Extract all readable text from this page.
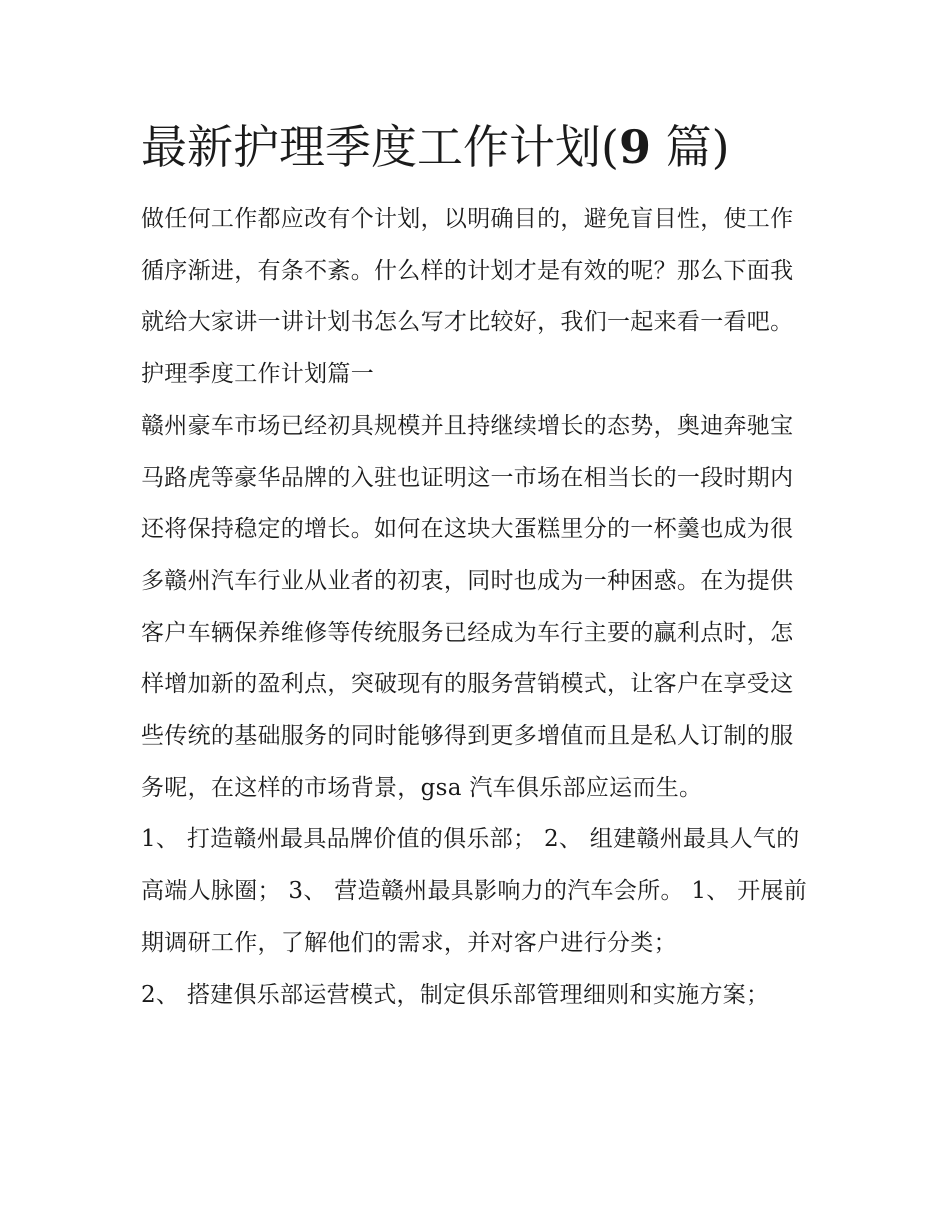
最新护理季度工作计划(9 篇)

做任何工作都应改有个计划，以明确目的，避免盲目性，使工作循序渐进，有条不紊。什么样的计划才是有效的呢？那么下面我就给大家讲一讲计划书怎么写才比较好，我们一起来看一看吧。

护理季度工作计划篇一

赣州豪车市场已经初具规模并且持继续增长的态势，奥迪奔驰宝马路虎等豪华品牌的入驻也证明这一市场在相当长的一段时期内还将保持稳定的增长。如何在这块大蛋糕里分的一杯羹也成为很多赣州汽车行业从业者的初衷，同时也成为一种困惑。在为提供客户车辆保养维修等传统服务已经成为车行主要的赢利点时，怎样增加新的盈利点，突破现有的服务营销模式，让客户在享受这些传统的基础服务的同时能够得到更多增值而且是私人订制的服务呢，在这样的市场背景，gsa 汽车俱乐部应运而生。

1、 打造赣州最具品牌价值的俱乐部； 2、 组建赣州最具人气的高端人脉圈； 3、 营造赣州最具影响力的汽车会所。 1、 开展前期调研工作，了解他们的需求，并对客户进行分类；

2、 搭建俱乐部运营模式，制定俱乐部管理细则和实施方案；
